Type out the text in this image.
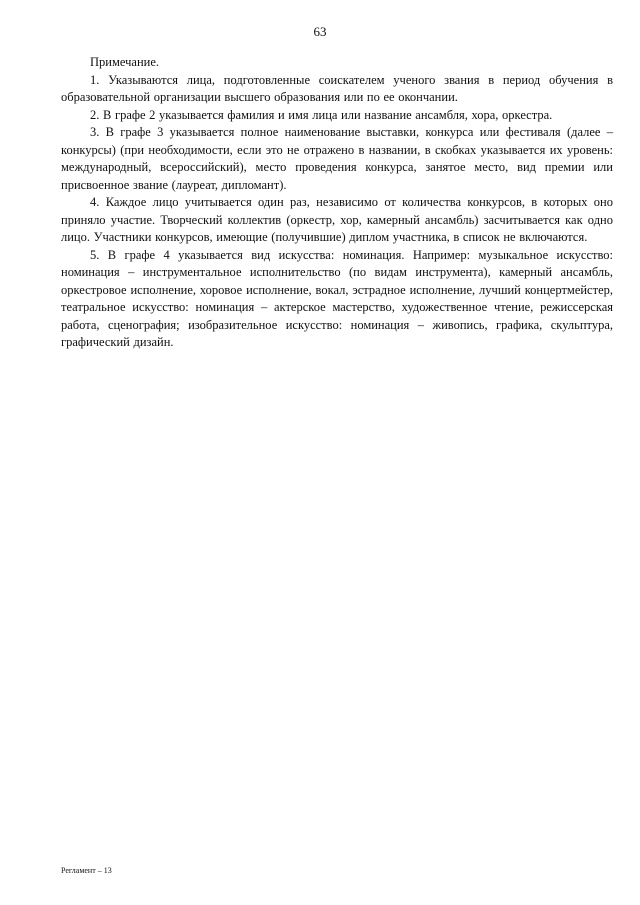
63

Примечание.

1. Указываются лица, подготовленные соискателем ученого звания в период обучения в образовательной организации высшего образования или по ее окончании.

2. В графе 2 указывается фамилия и имя лица или название ансамбля, хора, оркестра.

3. В графе 3 указывается полное наименование выставки, конкурса или фестиваля (далее – конкурсы) (при необходимости, если это не отражено в названии, в скобках указывается их уровень: международный, всероссийский), место проведения конкурса, занятое место, вид премии или присвоенное звание (лауреат, дипломант).

4. Каждое лицо учитывается один раз, независимо от количества конкурсов, в которых оно приняло участие. Творческий коллектив (оркестр, хор, камерный ансамбль) засчитывается как одно лицо. Участники конкурсов, имеющие (получившие) диплом участника, в список не включаются.

5. В графе 4 указывается вид искусства: номинация. Например: музыкальное искусство: номинация – инструментальное исполнительство (по видам инструмента), камерный ансамбль, оркестровое исполнение, хоровое исполнение, вокал, эстрадное исполнение, лучший концертмейстер, театральное искусство: номинация – актерское мастерство, художественное чтение, режиссерская работа, сценография; изобразительное искусство: номинация – живопись, графика, скульптура, графический дизайн.

Регламент – 13
